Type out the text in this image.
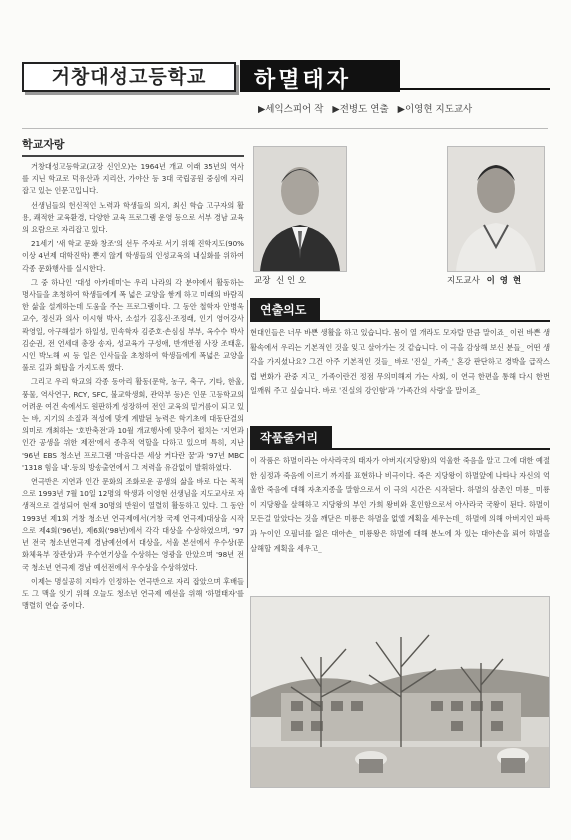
거창대성고등학교	하멸태자
▶세익스피어 작 ▶전병도 연출 ▶이영현 지도교사
학교자랑

거창대성고등학교(교장 신인오)는 1964년 개교 이래 35년의 역사를 지닌 학교로 덕유산과 지리산, 가야산 등 3대 국립공원 중심에 자리잡고 있는 인문고입니다.

선생님들의 헌신적인 노력과 학생들의 의지, 최신 학습 고구자의 활용, 쾌적한 교육환경, 다양한 교육 프로그램 운영 등으로 서부 경남 교육의 요람으로 자리잡고 있다.

21세기 '새 학교 문화 창조'의 선두 주자로 서기 위해 진학지도(90%이상 4년제 대학진학) 뿐지 않게 학생들의 인성교육의 내실화를 위하여 각종 문화행사를 실시한다.

그 중 하나인 '대성 아카데미'는 우리 나라의 각 분야에서 활동하는 명사들을 초청하여 학생들에게 폭 넓은 교양을 쌓게 하고 미래의 바람직한 삶을 설계하는데 도움을 주는 프로그램이다. 그 동안 철학자 안병욱 교수, 정신과 의사 이시형 박사, 소설가 김홍신·조정래, 인기 영어강사 곽영일, 아구해설가 하일성, 민속학자 김준호·손심심 부부, 옥수수 박사 김순권, 전 언세대 총장 송자, 성교육가 구성애, 반개반점 사장 조태훈, 시인 박노해 씨 등 일은 인사들을 초청하여 학생들에게 폭넓은 교양을 풀로 길과 회탑을 가지도록 했다.

그리고 우리 학교의 각종 동아리 활동(문학, 농구, 축구, 기타, 한울, 풍물, 역사연구, RCY, SFC, 불교학생회, 관악부 등)은 인문 고등학교의 어려운 여건 속에서도 원판하게 성장하여 전인 교육의 밑거름이 되고 있는 바, 지기의 소질과 적성에 맞게 계발된 능력은 학기초에 대동단결의 의미로 개최하는 '호반축전'과 10월 개교행사에 맞추어 펼치는 '지연과 인간 공생을 위한 제전'에서 종추적 역할을 다하고 있으며 특히, 지난 '96년 EBS 청소년 프로그램 '마음다른 세상 커다란 꿈'과 '97년 MBC '1318 힘을 내'.등의 방송출연에서 그 저력을 유감없이 발휘하였다.

연극반은 지연과 인간 문화의 조화로운 공생의 삶을 바로 다는 목적으로 1993년 7월 10일 12명의 학생과 이영현 선생님을 지도교사로 자생적으로 결성되어 현재 30명의 반원이 열렬히 활동하고 있다. 그 동안 1993년 제1회 거창 청소년 연극제에서(거창 국제 연극제)대상을 시작으로 제4회('96년), 제6회('98년)에서 각각 대상을 수상하였으며, '97년 전국 청소년연극제 경남예선에서 대상을, 서울 본선에서 우수상(문화체육부 장관상)과 우수연기상을 수상하는 영광을 안았으며 '98년 전국 청소년 연극제 경남 예선전에서 우수상을 수상하였다.

이제는 명실공히 지타가 인정하는 연극반으로 자리 잡았으며 후배들도 그 맥을 잇기 위해 오늘도 청소년 연극제 예선을 위해 '하멸태자'를 맹렬히 연습 중이다.

교장 신 인 오	지도교사 이 영 현
연출의도

현대인들은 너무 바쁜 생활을 하고 있습니다. 몸이 열 개라도 모자랄 만큼 말이죠_ 이런 바쁜 생활속에서 우리는 기본적인 것을 잊고 살아가는 것 같습니다. 이 극을 감상해 보신 분들_ 어떤 생각을 가지셨나요? 그건 아주 기본적인 것들_ 바로 '진실_ 가족_' 혼강 판단하고 경박을 급작스럽 변화가 관중 지고_ 가족이란건 정점 무의미해져 가는 사회, 이 연극 한편을 통해 다시 한번 일깨워 주고 싶습니다. 바로 '진실의 강인함'과 '가족간의 사랑'을 말이죠_

작품줄거리

이 작품은 하멸이라는 아사라국의 태자가 아버지(지당왕)의 억울한 죽음을 알고 그에 대한 예절한 심정과 죽음에 이르기 까지를 표현하나 비극이다. 죽은 지당왕이 하멸앞에 나타나 자신의 억울한 죽음에 대해 자초지종을 말함으로서 이 극의 시간은 시작된다. 하멸의 삼촌인 미룡_ 미룡이 지당왕을 살해하고 지당왕의 부인 가희 왕비와 혼인함으로서 아사라국 국왕이 된다. 하멸이 모든걸 알았다는 것을 깨닫은 미룡은 하멸을 없앨 계획을 세우는데_ 하멸에 의해 아버지인 파륵과 누이인 오필녀를 잃은 대아손_ 미룡왕은 하멸에 대해 분노에 차 있는 대아손을 뢰어 하멸을 살해할 계획을 세우고_
